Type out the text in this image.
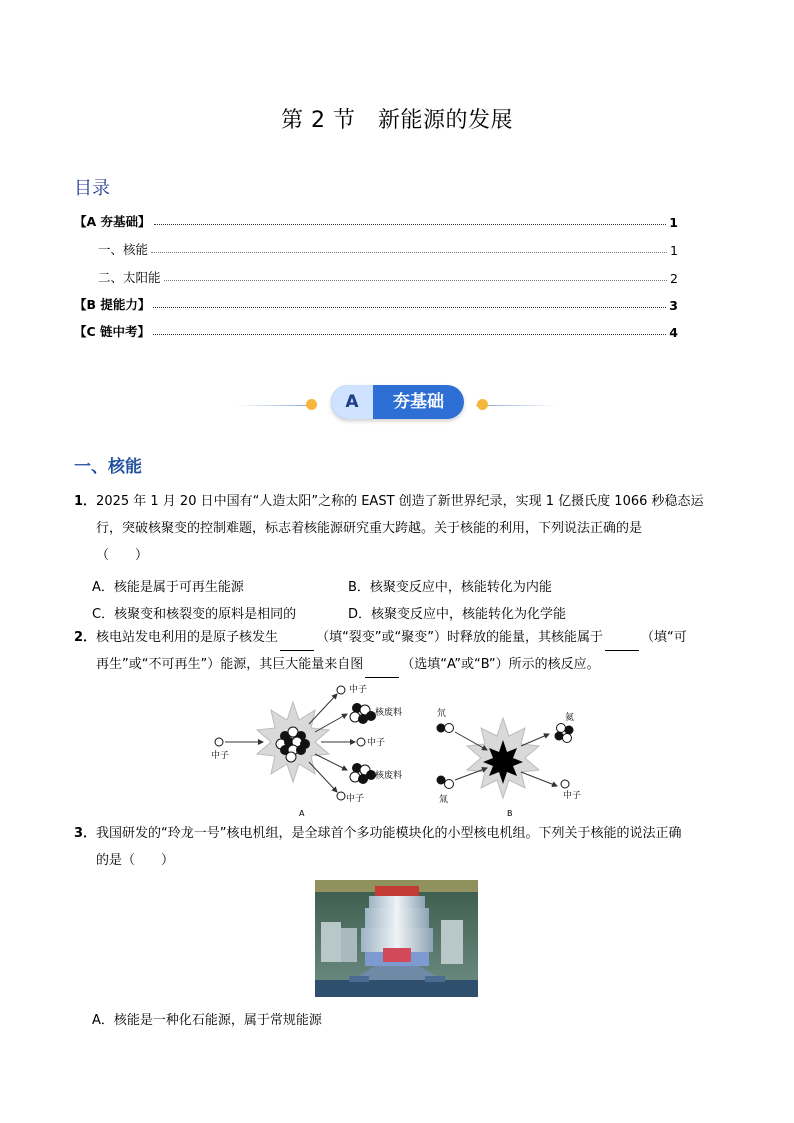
第 2 节　新能源的发展
目录
【A 夯基础】	1
一、核能	1
二、太阳能	2
【B 提能力】	3
【C 链中考】	4
A	夯基础
一、核能
1．2025 年 1 月 20 日中国有“人造太阳”之称的 EAST 创造了新世界纪录，实现 1 亿摄氏度 1066 秒稳态运
行，突破核聚变的控制难题，标志着核能源研究重大跨越。关于核能的利用，下列说法正确的是
（　　）
A．核能是属于可再生能源	B．核聚变反应中，核能转化为内能
C．核聚变和核裂变的原料是相同的	D．核聚变反应中，核能转化为化学能
2．核电站发电利用的是原子核发生	（填“裂变”或“聚变”）时释放的能量，其核能属于	（填“可
再生”或“不可再生”）能源，其巨大能量来自图	（选填“A”或“B”）所示的核反应。
中子
中子
核废料
中子
核废料
中子
A
氘
氚
氦
中子
B
3．我国研发的“玲龙一号”核电机组，是全球首个多功能模块化的小型核电机组。下列关于核能的说法正确
的是（　　）
A．核能是一种化石能源，属于常规能源
